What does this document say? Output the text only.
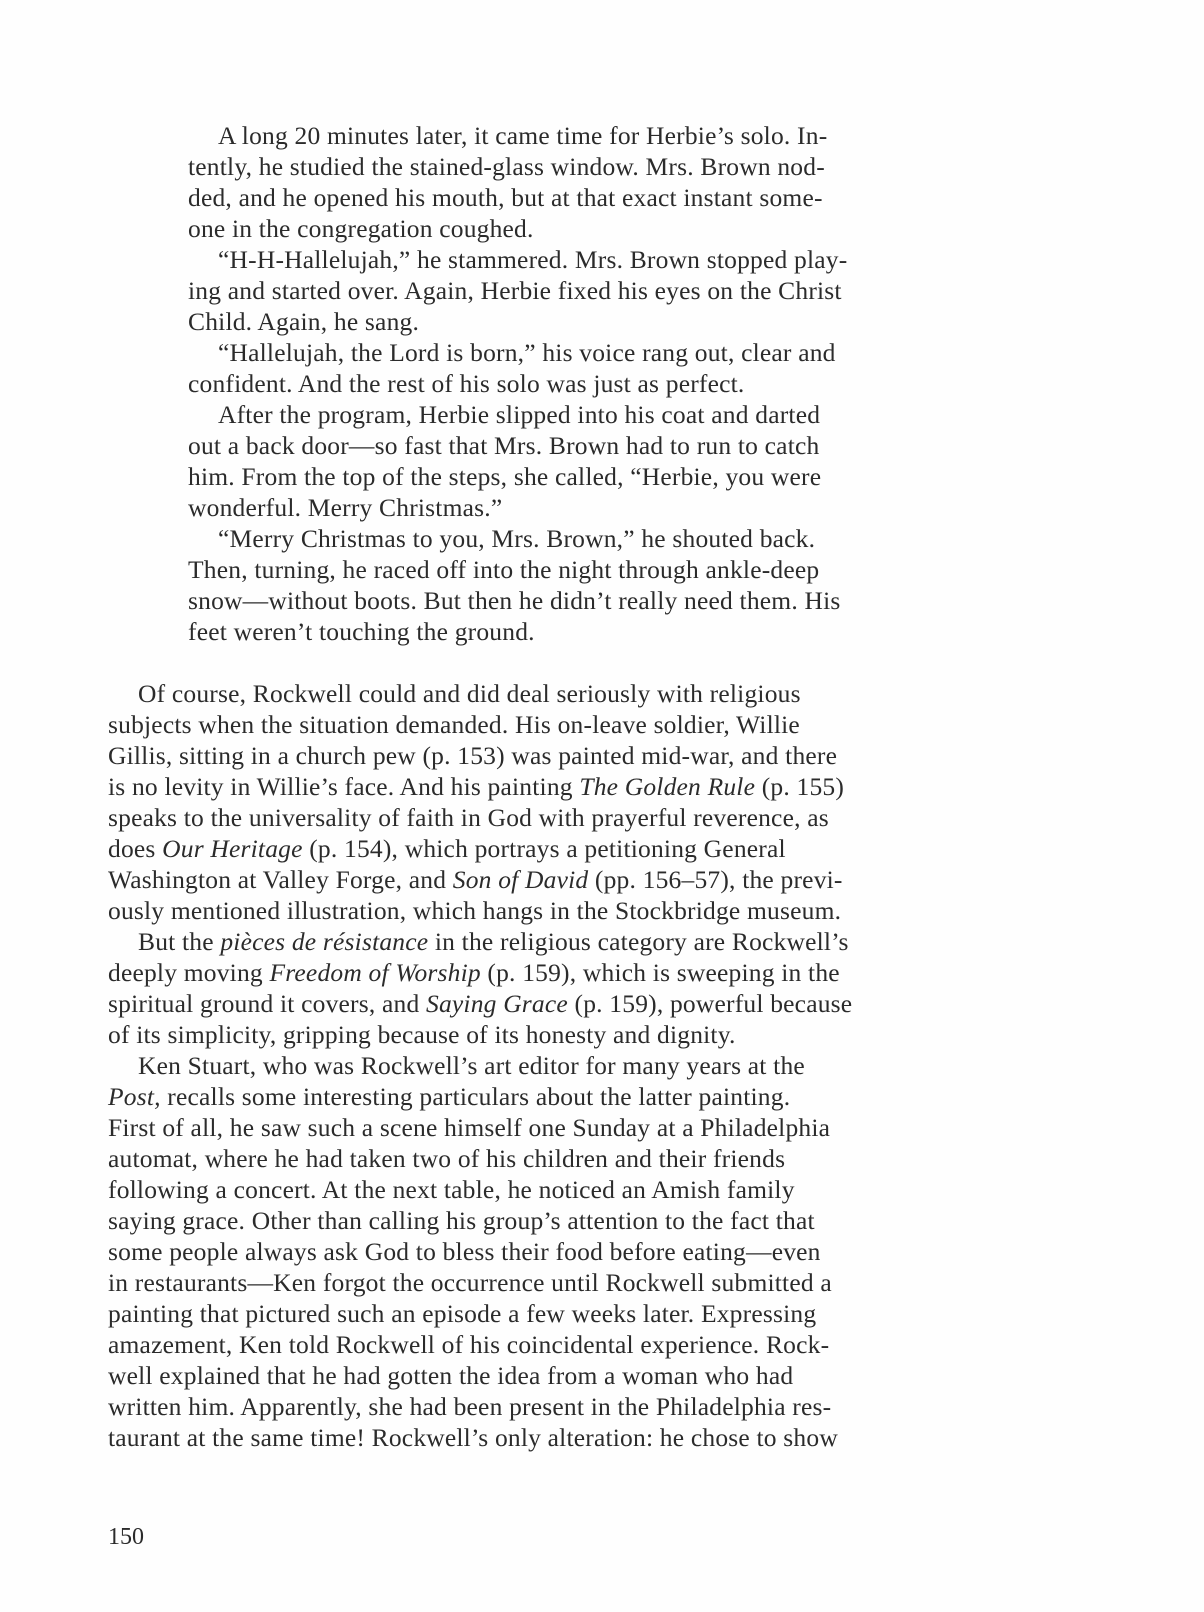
A long 20 minutes later, it came time for Herbie’s solo. In-
tently, he studied the stained-glass window. Mrs. Brown nod-
ded, and he opened his mouth, but at that exact instant some-
one in the congregation coughed.
“H-H-Hallelujah,” he stammered. Mrs. Brown stopped play-
ing and started over. Again, Herbie fixed his eyes on the Christ
Child. Again, he sang.
“Hallelujah, the Lord is born,” his voice rang out, clear and
confident. And the rest of his solo was just as perfect.
After the program, Herbie slipped into his coat and darted
out a back door—so fast that Mrs. Brown had to run to catch
him. From the top of the steps, she called, “Herbie, you were
wonderful. Merry Christmas.”
“Merry Christmas to you, Mrs. Brown,” he shouted back.
Then, turning, he raced off into the night through ankle-deep
snow—without boots. But then he didn’t really need them. His
feet weren’t touching the ground.
Of course, Rockwell could and did deal seriously with religious
subjects when the situation demanded. His on-leave soldier, Willie
Gillis, sitting in a church pew (p. 153) was painted mid-war, and there
is no levity in Willie’s face. And his painting The Golden Rule (p. 155)
speaks to the universality of faith in God with prayerful reverence, as
does Our Heritage (p. 154), which portrays a petitioning General
Washington at Valley Forge, and Son of David (pp. 156–57), the previ-
ously mentioned illustration, which hangs in the Stockbridge museum.
But the pièces de résistance in the religious category are Rockwell’s
deeply moving Freedom of Worship (p. 159), which is sweeping in the
spiritual ground it covers, and Saying Grace (p. 159), powerful because
of its simplicity, gripping because of its honesty and dignity.
Ken Stuart, who was Rockwell’s art editor for many years at the
Post, recalls some interesting particulars about the latter painting.
First of all, he saw such a scene himself one Sunday at a Philadelphia
automat, where he had taken two of his children and their friends
following a concert. At the next table, he noticed an Amish family
saying grace. Other than calling his group’s attention to the fact that
some people always ask God to bless their food before eating—even
in restaurants—Ken forgot the occurrence until Rockwell submitted a
painting that pictured such an episode a few weeks later. Expressing
amazement, Ken told Rockwell of his coincidental experience. Rock-
well explained that he had gotten the idea from a woman who had
written him. Apparently, she had been present in the Philadelphia res-
taurant at the same time! Rockwell’s only alteration: he chose to show

150
